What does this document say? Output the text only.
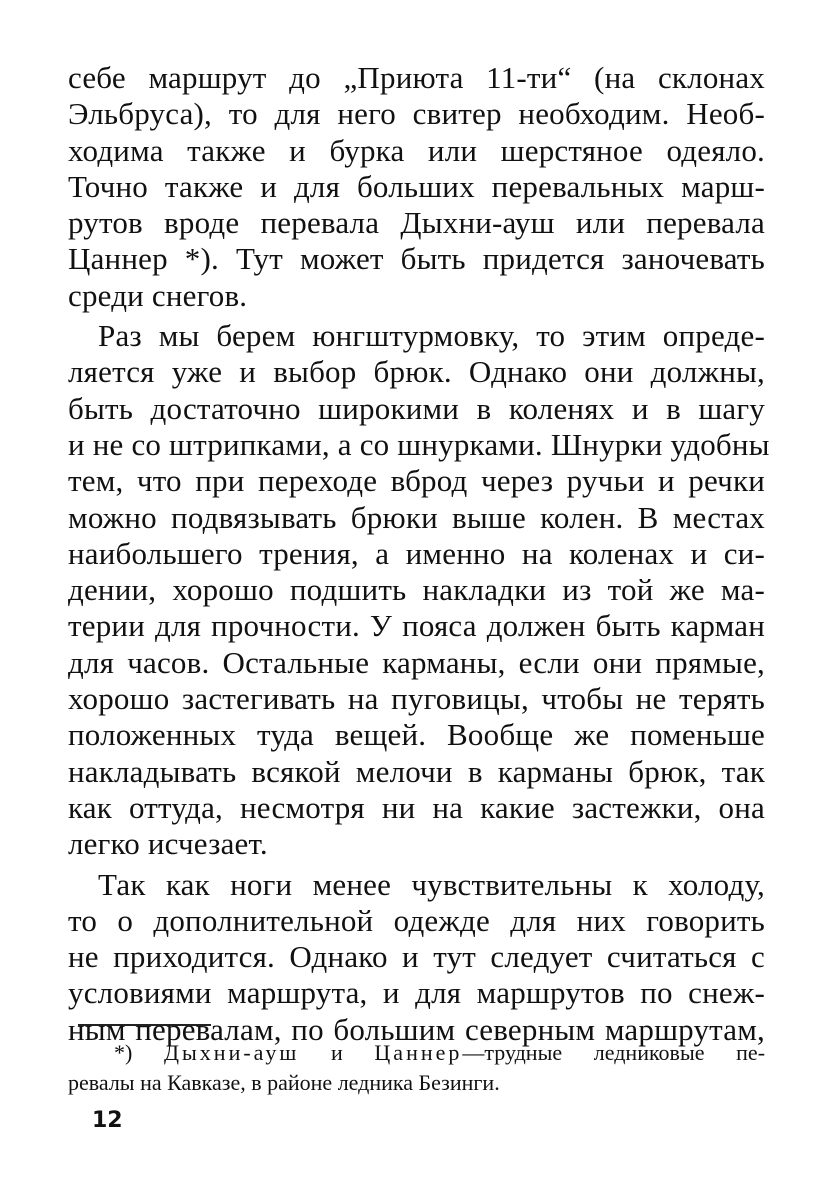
себе маршрут до „Приюта 11-ти“ (на склонах
Эльбруса), то для него свитер необходим. Необ-
ходима также и бурка или шерстяное одеяло.
Точно также и для больших перевальных марш-
рутов вроде перевала Дыхни-ауш или перевала
Цаннер *). Тут может быть придется заночевать
среди снегов.
Раз мы берем юнгштурмовку, то этим опреде-
ляется уже и выбор брюк. Однако они должны,
быть достаточно широкими в коленях и в шагу
и не со штрипками, а со шнурками. Шнурки удобны
тем, что при переходе вброд через ручьи и речки
можно подвязывать брюки выше колен. В местах
наибольшего трения, а именно на коленах и си-
дении, хорошо подшить накладки из той же ма-
терии для прочности. У пояса должен быть карман
для часов. Остальные карманы, если они прямые,
хорошо застегивать на пуговицы, чтобы не терять
положенных туда вещей. Вообще же поменьше
накладывать всякой мелочи в карманы брюк, так
как оттуда, несмотря ни на какие застежки, она
легко исчезает.
Так как ноги менее чувствительны к холоду,
то о дополнительной одежде для них говорить
не приходится. Однако и тут следует считаться с
условиями маршрута, и для маршрутов по снеж-
ным перевалам, по большим северным маршрутам,
*) Дыхни-ауш и Цаннер—трудные ледниковые пе-
ревалы на Кавказе, в районе ледника Безинги.
12
